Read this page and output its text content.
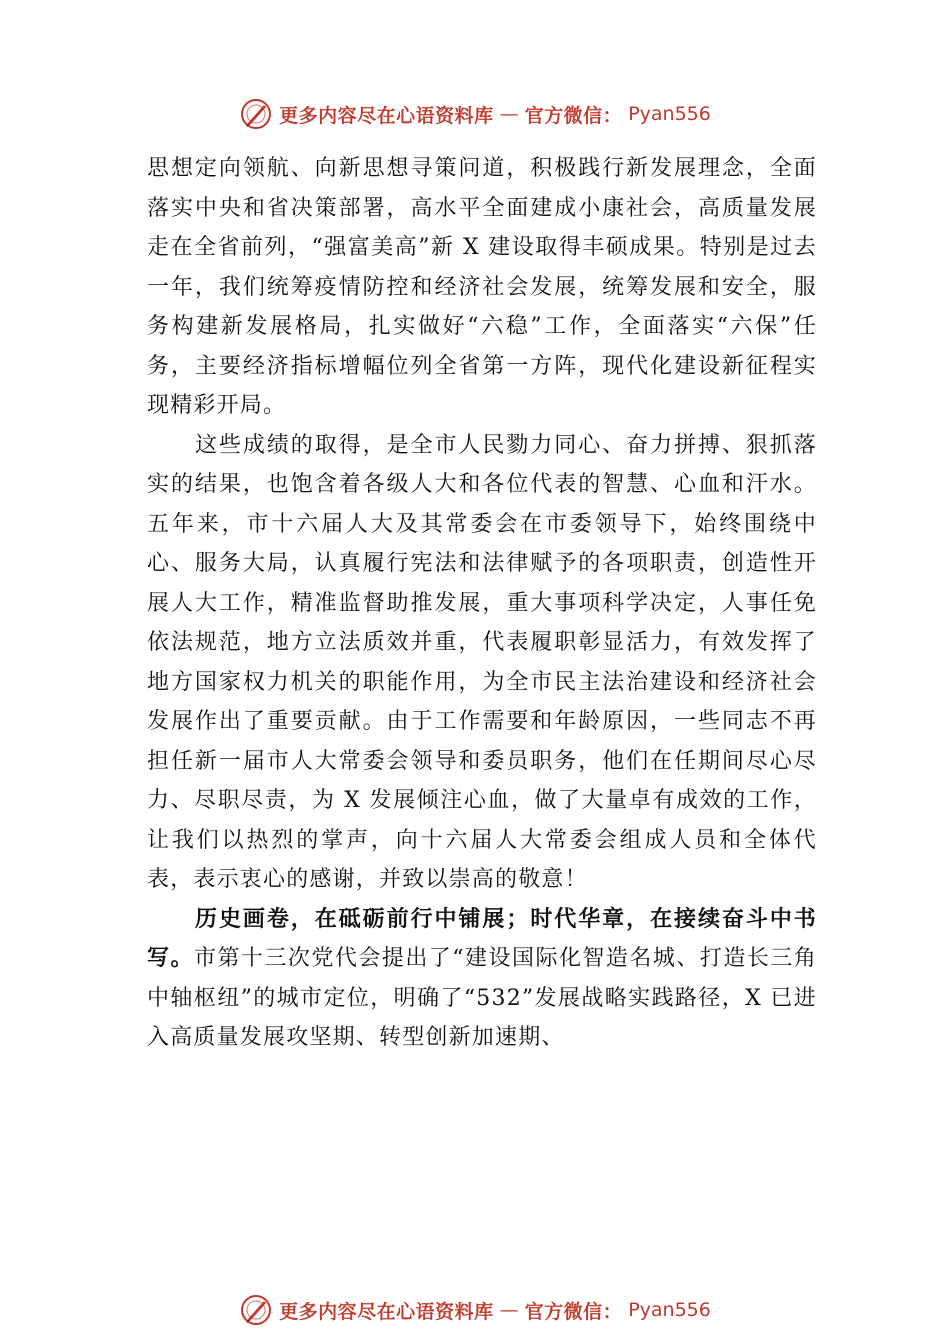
更多内容尽在心语资料库 — 官方微信： Pyan556

思想定向领航、向新思想寻策问道，积极践行新发展理念，全面落实中央和省决策部署，高水平全面建成小康社会，高质量发展走在全省前列，“强富美高”新 X 建设取得丰硕成果。特别是过去一年，我们统筹疫情防控和经济社会发展，统筹发展和安全，服务构建新发展格局，扎实做好“六稳”工作，全面落实“六保”任务，主要经济指标增幅位列全省第一方阵，现代化建设新征程实现精彩开局。

这些成绩的取得，是全市人民勠力同心、奋力拼搏、狠抓落实的结果，也饱含着各级人大和各位代表的智慧、心血和汗水。五年来，市十六届人大及其常委会在市委领导下，始终围绕中心、服务大局，认真履行宪法和法律赋予的各项职责，创造性开展人大工作，精准监督助推发展，重大事项科学决定，人事任免依法规范，地方立法质效并重，代表履职彰显活力，有效发挥了地方国家权力机关的职能作用，为全市民主法治建设和经济社会发展作出了重要贡献。由于工作需要和年龄原因，一些同志不再担任新一届市人大常委会领导和委员职务，他们在任期间尽心尽力、尽职尽责，为 X 发展倾注心血，做了大量卓有成效的工作，让我们以热烈的掌声，向十六届人大常委会组成人员和全体代表，表示衷心的感谢，并致以崇高的敬意！

历史画卷，在砥砺前行中铺展；时代华章，在接续奋斗中书写。市第十三次党代会提出了“建设国际化智造名城、打造长三角中轴枢纽”的城市定位，明确了“532”发展战略实践路径，X 已进入高质量发展攻坚期、转型创新加速期、

更多内容尽在心语资料库 — 官方微信： Pyan556
